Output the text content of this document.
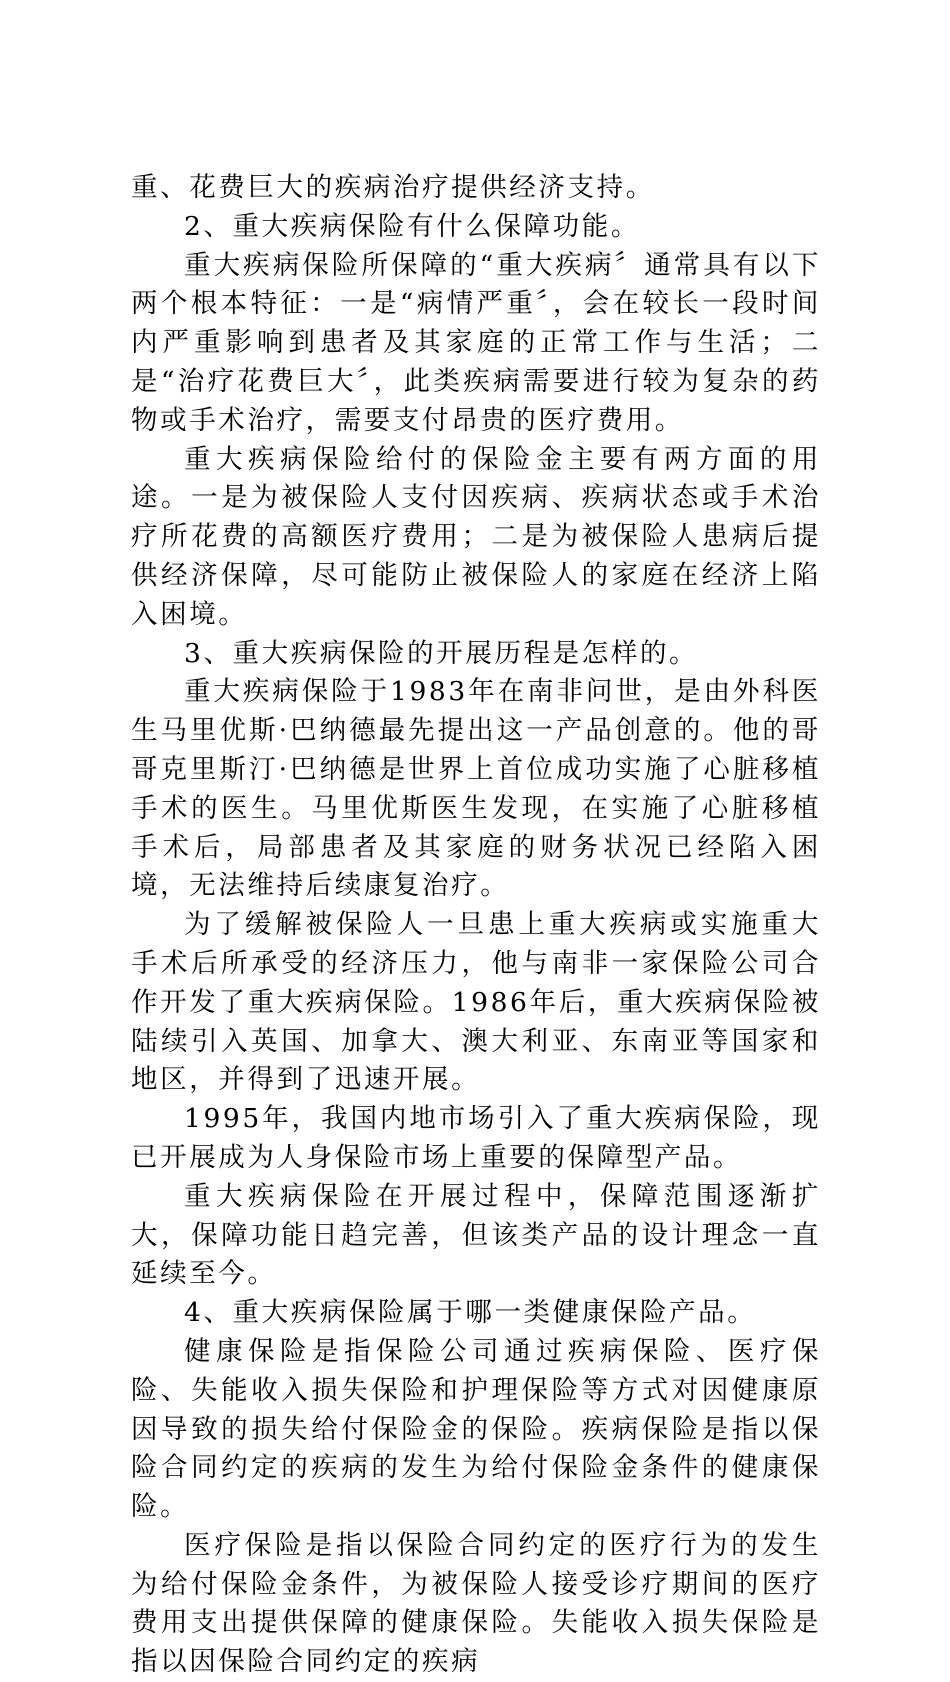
重、花费巨大的疾病治疗提供经济支持。

2、重大疾病保险有什么保障功能。

重大疾病保险所保障的“重大疾病〞通常具有以下两个根本特征：一是“病情严重〞，会在较长一段时间内严重影响到患者及其家庭的正常工作与生活；二是“治疗花费巨大〞，此类疾病需要进行较为复杂的药物或手术治疗，需要支付昂贵的医疗费用。

重大疾病保险给付的保险金主要有两方面的用途。一是为被保险人支付因疾病、疾病状态或手术治疗所花费的高额医疗费用；二是为被保险人患病后提供经济保障，尽可能防止被保险人的家庭在经济上陷入困境。

3、重大疾病保险的开展历程是怎样的。

重大疾病保险于1983年在南非问世，是由外科医生马里优斯·巴纳德最先提出这一产品创意的。他的哥哥克里斯汀·巴纳德是世界上首位成功实施了心脏移植手术的医生。马里优斯医生发现，在实施了心脏移植手术后，局部患者及其家庭的财务状况已经陷入困境，无法维持后续康复治疗。

为了缓解被保险人一旦患上重大疾病或实施重大手术后所承受的经济压力，他与南非一家保险公司合作开发了重大疾病保险。1986年后，重大疾病保险被陆续引入英国、加拿大、澳大利亚、东南亚等国家和地区，并得到了迅速开展。

1995年，我国内地市场引入了重大疾病保险，现已开展成为人身保险市场上重要的保障型产品。

重大疾病保险在开展过程中，保障范围逐渐扩大，保障功能日趋完善，但该类产品的设计理念一直延续至今。

4、重大疾病保险属于哪一类健康保险产品。

健康保险是指保险公司通过疾病保险、医疗保险、失能收入损失保险和护理保险等方式对因健康原因导致的损失给付保险金的保险。疾病保险是指以保险合同约定的疾病的发生为给付保险金条件的健康保险。

医疗保险是指以保险合同约定的医疗行为的发生为给付保险金条件，为被保险人接受诊疗期间的医疗费用支出提供保障的健康保险。失能收入损失保险是指以因保险合同约定的疾病
